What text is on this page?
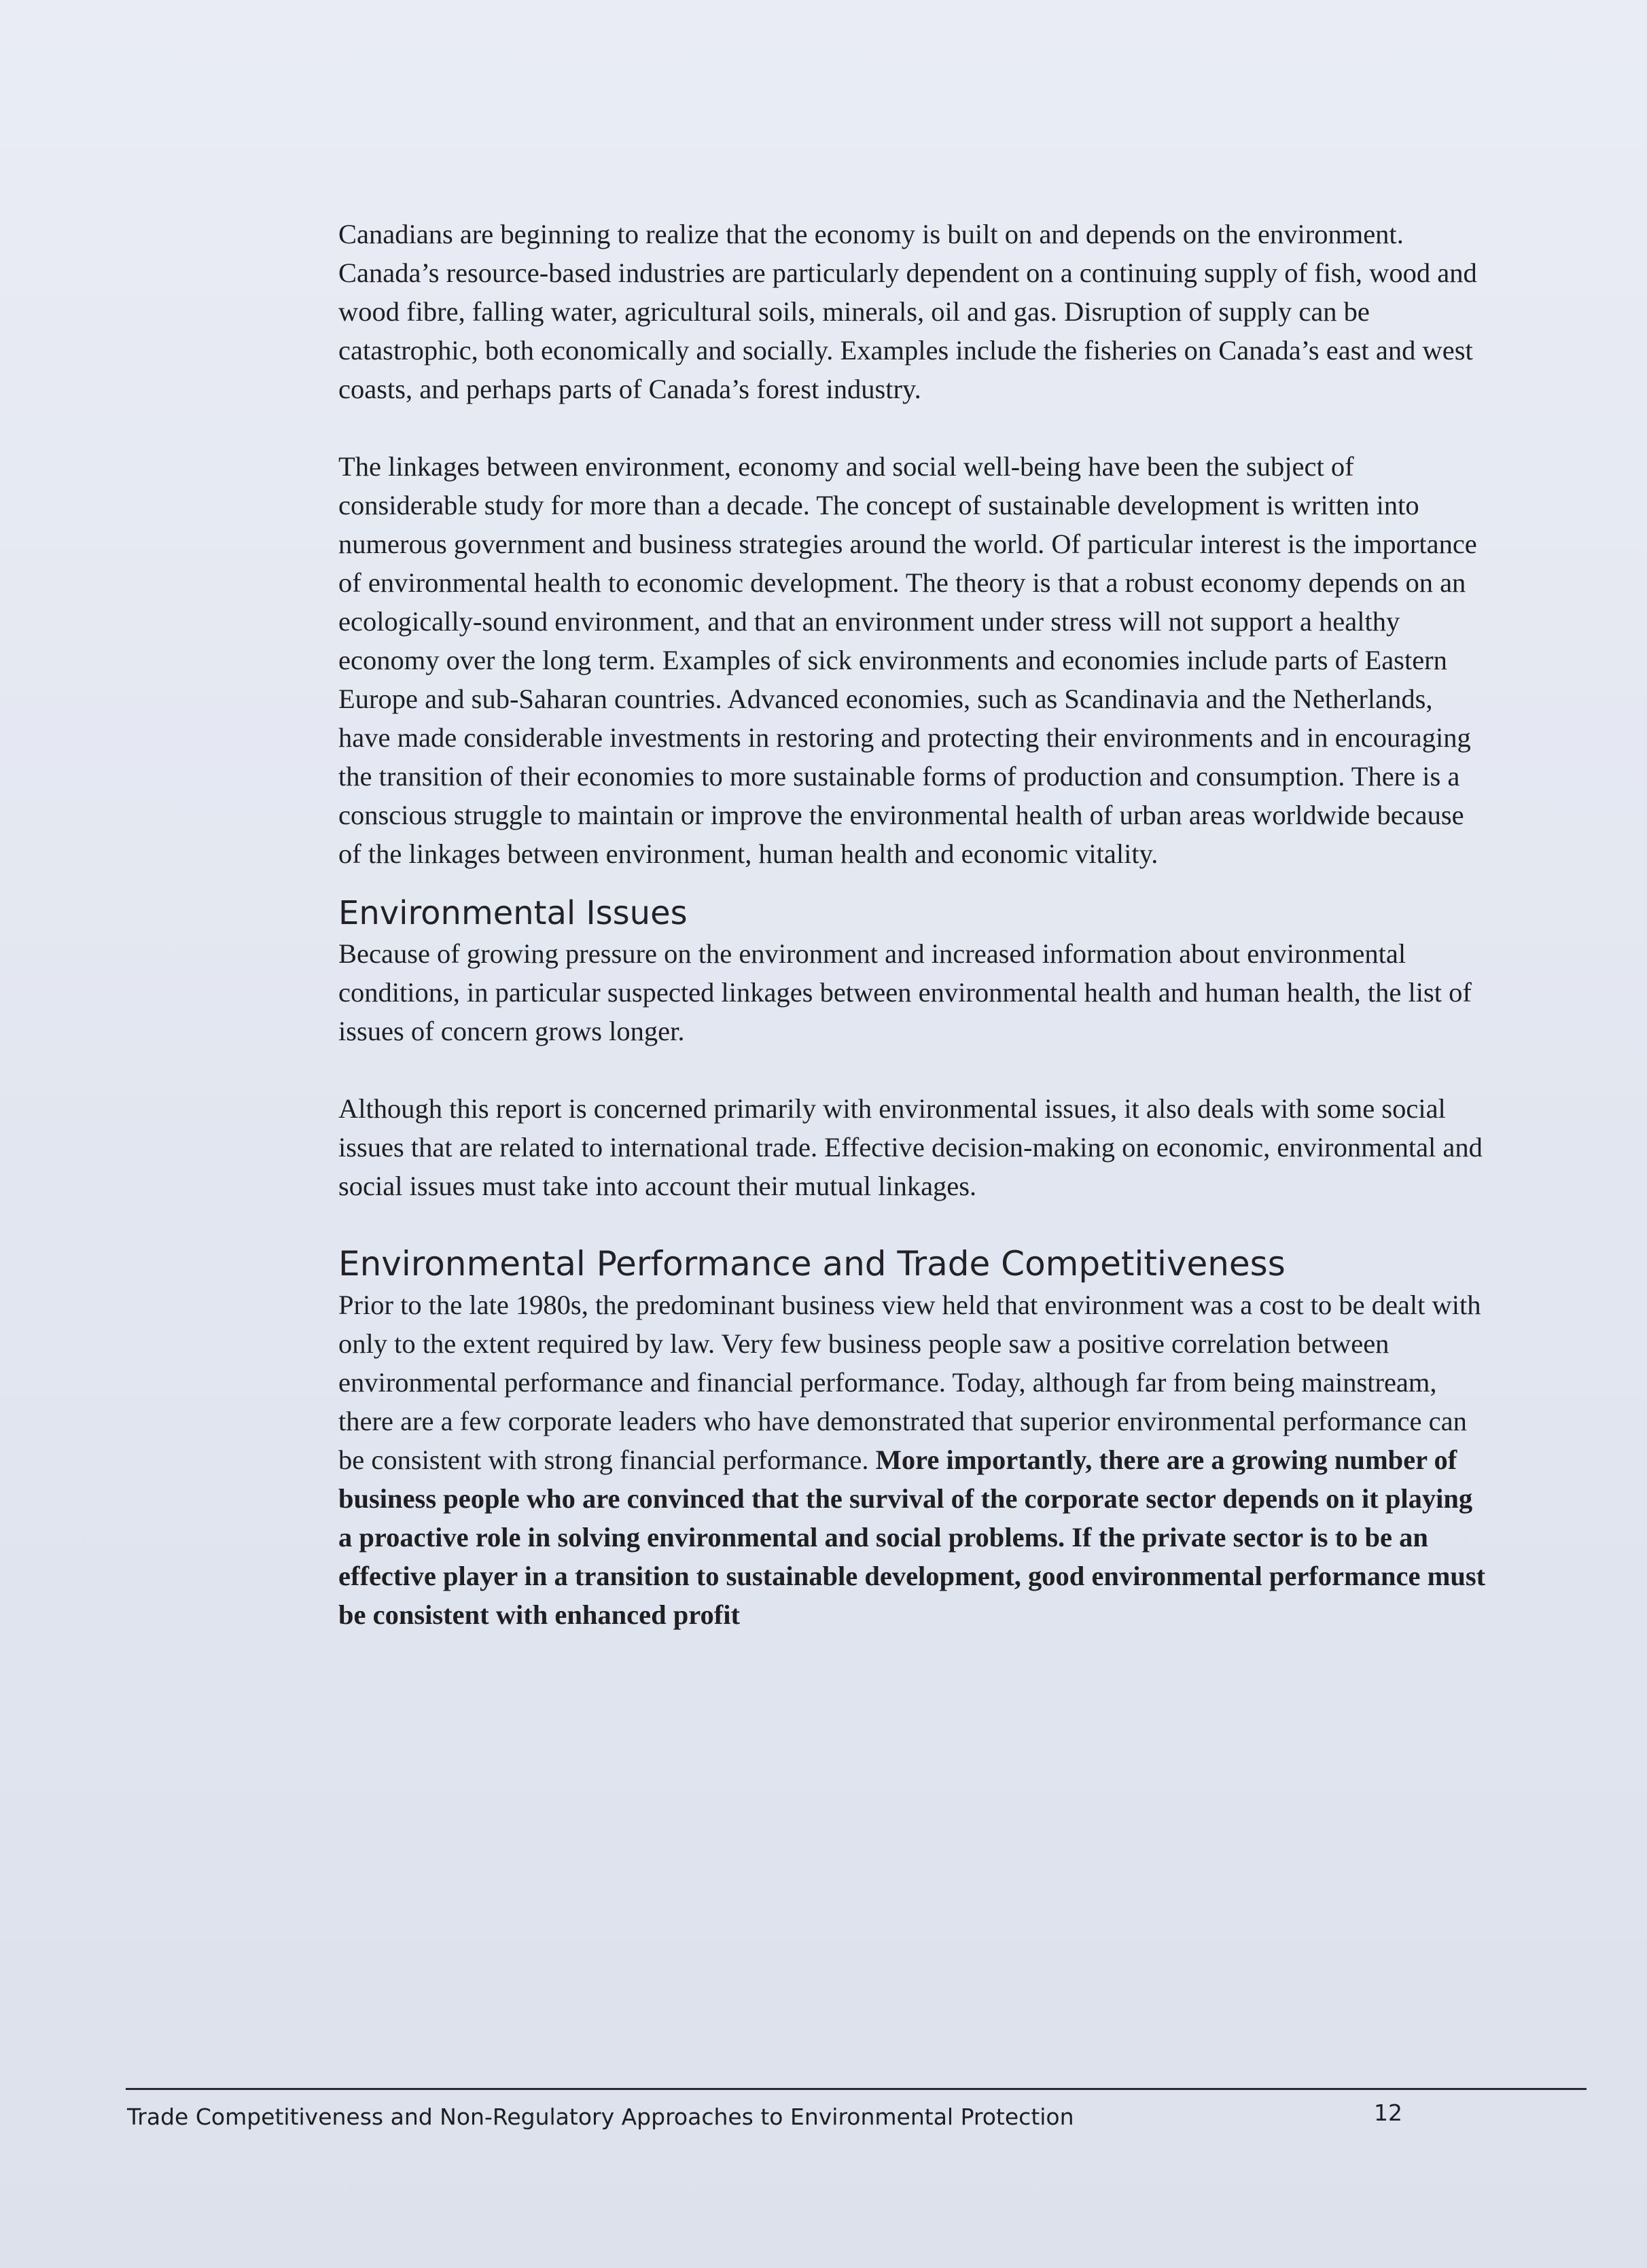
Canadians are beginning to realize that the economy is built on and depends on the environment. Canada’s resource-based industries are particularly dependent on a continuing supply of fish, wood and wood fibre, falling water, agricultural soils, minerals, oil and gas. Disruption of supply can be catastrophic, both economically and socially. Examples include the fisheries on Canada’s east and west coasts, and perhaps parts of Canada’s forest industry.

The linkages between environment, economy and social well-being have been the subject of considerable study for more than a decade. The concept of sustainable development is written into numerous government and business strategies around the world. Of particular interest is the importance of environmental health to economic development. The theory is that a robust economy depends on an ecologically-sound environment, and that an environment under stress will not support a healthy economy over the long term. Examples of sick environments and economies include parts of Eastern Europe and sub-Saharan countries. Advanced economies, such as Scandinavia and the Netherlands, have made considerable investments in restoring and protecting their environments and in encouraging the transition of their economies to more sustainable forms of production and consumption. There is a conscious struggle to maintain or improve the environmental health of urban areas worldwide because of the linkages between environment, human health and economic vitality.

Environmental Issues

Because of growing pressure on the environment and increased information about environmental conditions, in particular suspected linkages between environmental health and human health, the list of issues of concern grows longer.

Although this report is concerned primarily with environmental issues, it also deals with some social issues that are related to international trade. Effective decision-making on economic, environmental and social issues must take into account their mutual linkages.

Environmental Performance and Trade Competitiveness

Prior to the late 1980s, the predominant business view held that environment was a cost to be dealt with only to the extent required by law. Very few business people saw a positive correlation between environmental performance and financial performance. Today, although far from being mainstream, there are a few corporate leaders who have demonstrated that superior environmental performance can be consistent with strong financial performance. More importantly, there are a growing number of business people who are convinced that the survival of the corporate sector depends on it playing a proactive role in solving environmental and social problems. If the private sector is to be an effective player in a transition to sustainable development, good environmental performance must be consistent with enhanced profit

Trade Competitiveness and Non-Regulatory Approaches to Environmental Protection	12
